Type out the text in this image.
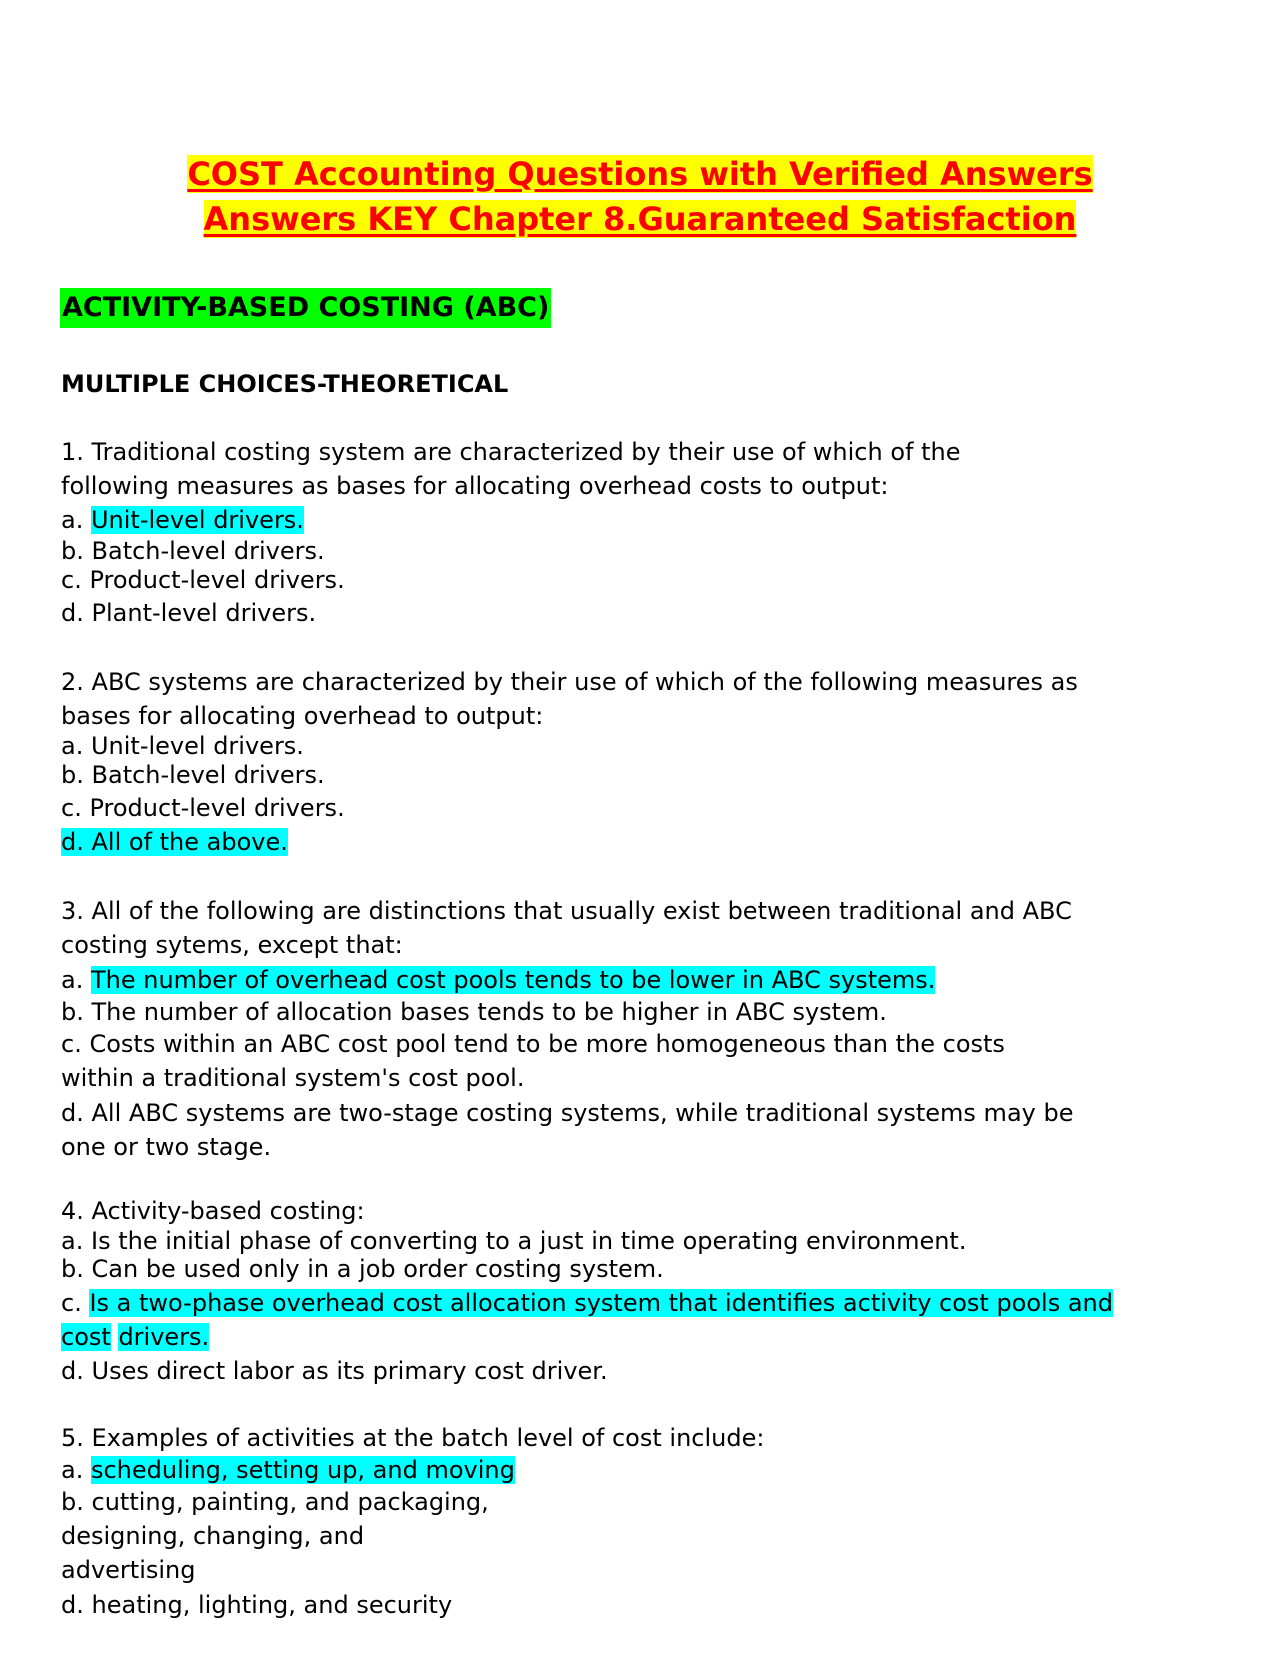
COST Accounting Questions with Verified Answers
Answers KEY Chapter 8.Guaranteed Satisfaction
ACTIVITY-BASED COSTING (ABC)
MULTIPLE CHOICES-THEORETICAL
1. Traditional costing system are characterized by their use of which of the
following measures as bases for allocating overhead costs to output:
a. Unit-level drivers.
b. Batch-level drivers.
c. Product-level drivers.
d. Plant-level drivers.
2. ABC systems are characterized by their use of which of the following measures as
bases for allocating overhead to output:
a. Unit-level drivers.
b. Batch-level drivers.
c. Product-level drivers.
d. All of the above.
3. All of the following are distinctions that usually exist between traditional and ABC
costing sytems, except that:
a. The number of overhead cost pools tends to be lower in ABC systems.
b. The number of allocation bases tends to be higher in ABC system.
c. Costs within an ABC cost pool tend to be more homogeneous than the costs
within a traditional system's cost pool.
d. All ABC systems are two-stage costing systems, while traditional systems may be
one or two stage.
4. Activity-based costing:
a. Is the initial phase of converting to a just in time operating environment.
b. Can be used only in a job order costing system.
c. Is a two-phase overhead cost allocation system that identifies activity cost pools and
cost drivers.
d. Uses direct labor as its primary cost driver.
5. Examples of activities at the batch level of cost include:
a. scheduling, setting up, and moving
b. cutting, painting, and packaging,
designing, changing, and
advertising
d. heating, lighting, and security
